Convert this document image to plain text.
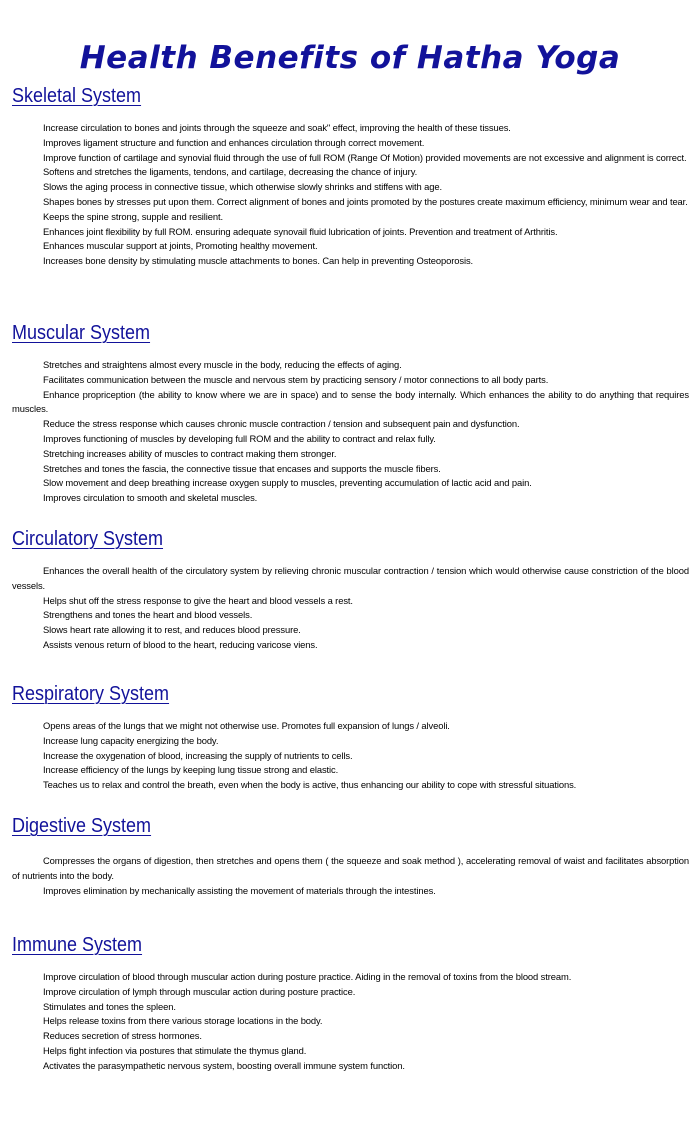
Health Benefits of Hatha Yoga
Skeletal System

Increase circulation to bones and joints through the squeeze and soak" effect, improving the health of these tissues.

Improves ligament structure and function and enhances circulation through correct movement.

Improve function of cartilage and synovial fluid through the use of full ROM (Range Of Motion) provided movements are not excessive and alignment is correct.

Softens and stretches the ligaments, tendons, and cartilage, decreasing the chance of injury.

Slows the aging process in connective tissue, which otherwise slowly shrinks and stiffens with age.

Shapes bones by stresses put upon them. Correct alignment of bones and joints promoted by the postures create maximum efficiency, minimum wear and tear.

Keeps the spine strong, supple and resilient.

Enhances joint flexibility by full ROM. ensuring adequate synovail fluid lubrication of joints. Prevention and treatment of Arthritis.

Enhances muscular support at joints, Promoting healthy movement.

Increases bone density by stimulating muscle attachments to bones. Can help in preventing Osteoporosis.

Muscular System

Stretches and straightens almost every muscle in the body, reducing the effects of aging.

Facilitates communication between the muscle and nervous stem by practicing sensory / motor connections to all body parts.

Enhance propriception (the ability to know where we are in space) and to sense the body internally. Which enhances the ability to do anything that requires muscles.

Reduce the stress response which causes chronic muscle contraction / tension and subsequent pain and dysfunction.

Improves functioning of muscles by developing full ROM and the ability to contract and relax fully.

Stretching increases ability of muscles to contract making them stronger.

Stretches and tones the fascia, the connective tissue that encases and supports the muscle fibers.

Slow movement and deep breathing increase oxygen supply to muscles, preventing accumulation of lactic acid and pain.

Improves circulation to smooth and skeletal muscles.

Circulatory System

Enhances the overall health of the circulatory system by relieving chronic muscular contraction / tension which would otherwise cause constriction of the blood vessels.

Helps shut off the stress response to give the heart and blood vessels a rest.

Strengthens and tones the heart and blood vessels.

Slows heart rate allowing it to rest, and reduces blood pressure.

Assists venous return of blood to the heart, reducing varicose viens.

Respiratory System

Opens areas of the lungs that we might not otherwise use. Promotes full expansion of lungs / alveoli.

Increase lung capacity energizing the body.

Increase the oxygenation of blood, increasing the supply of nutrients to cells.

Increase efficiency of the lungs by keeping lung tissue strong and elastic.

Teaches us to relax and control the breath, even when the body is active, thus enhancing our ability to cope with stressful situations.

Digestive System

Compresses the organs of digestion, then stretches and opens them ( the squeeze and soak method ), accelerating removal of waist and facilitates absorption of nutrients into the body.

Improves elimination by mechanically assisting the movement of materials through the intestines.

Immune System

Improve circulation of blood through muscular action during posture practice. Aiding in the removal of toxins from the blood stream.

Improve circulation of lymph through muscular action during posture practice.

Stimulates and tones the spleen.

Helps release toxins from there various storage locations in the body.

Reduces secretion of stress hormones.

Helps fight infection via postures that stimulate the thymus gland.

Activates the parasympathetic nervous system, boosting overall immune system function.
